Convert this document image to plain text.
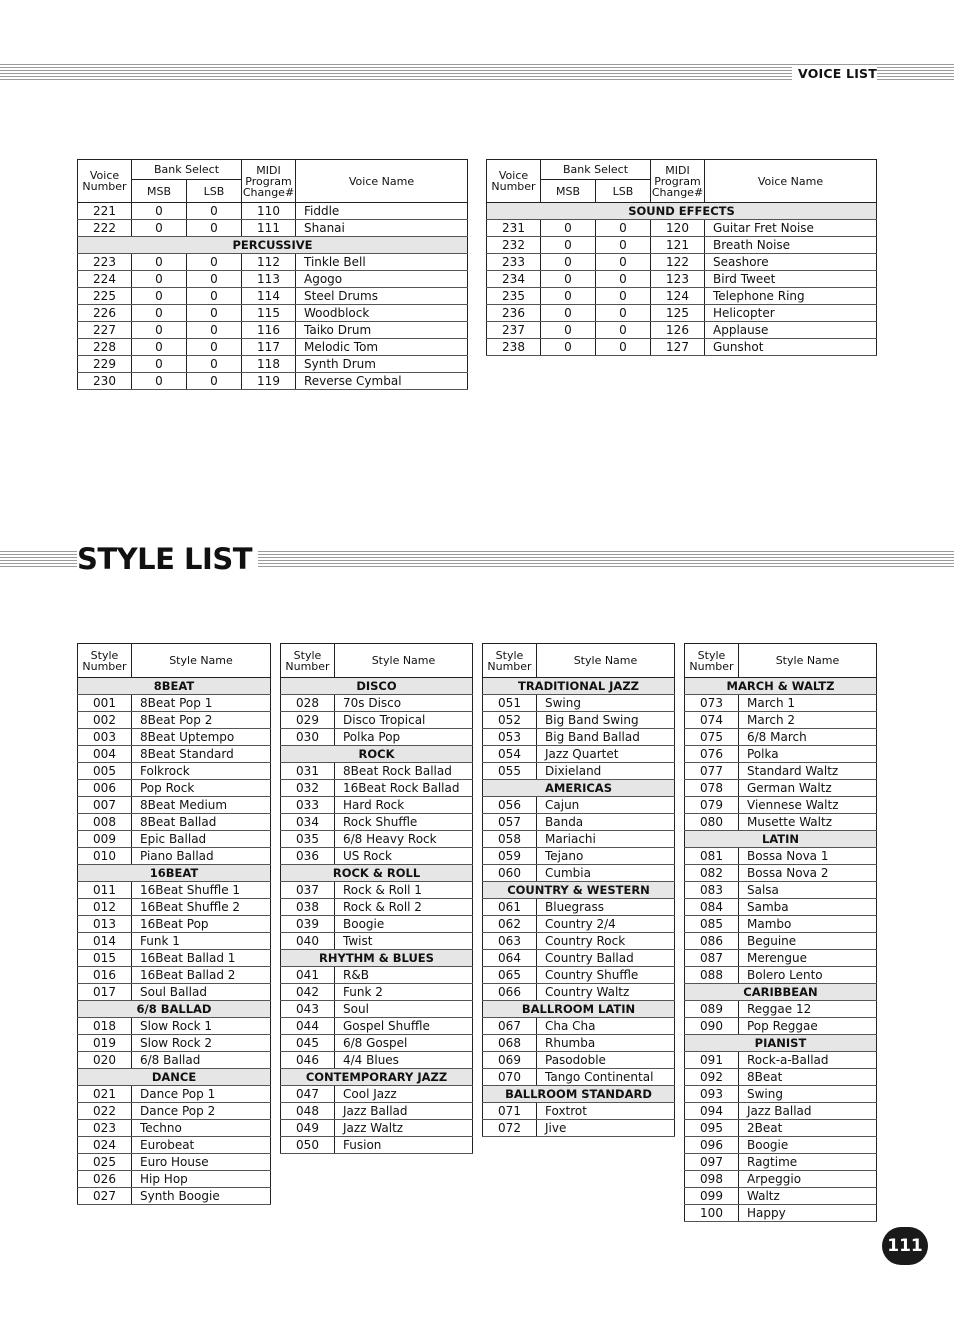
VOICE LIST
Voice Number	Bank Select		MIDI Program Change#	Voice Name
	MSB	LSB		
221	0	0	110	Fiddle
222	0	0	111	Shanai
PERCUSSIVE				
223	0	0	112	Tinkle Bell
224	0	0	113	Agogo
225	0	0	114	Steel Drums
226	0	0	115	Woodblock
227	0	0	116	Taiko Drum
228	0	0	117	Melodic Tom
229	0	0	118	Synth Drum
230	0	0	119	Reverse Cymbal
Voice Number	Bank Select		MIDI Program Change#	Voice Name
	MSB	LSB		
SOUND EFFECTS				
231	0	0	120	Guitar Fret Noise
232	0	0	121	Breath Noise
233	0	0	122	Seashore
234	0	0	123	Bird Tweet
235	0	0	124	Telephone Ring
236	0	0	125	Helicopter
237	0	0	126	Applause
238	0	0	127	Gunshot
STYLE LIST
Style Number	Style Name
8BEAT	
001	8Beat Pop 1
002	8Beat Pop 2
003	8Beat Uptempo
004	8Beat Standard
005	Folkrock
006	Pop Rock
007	8Beat Medium
008	8Beat Ballad
009	Epic Ballad
010	Piano Ballad
16BEAT	
011	16Beat Shuffle 1
012	16Beat Shuffle 2
013	16Beat Pop
014	Funk 1
015	16Beat Ballad 1
016	16Beat Ballad 2
017	Soul Ballad
6/8 BALLAD	
018	Slow Rock 1
019	Slow Rock 2
020	6/8 Ballad
DANCE	
021	Dance Pop 1
022	Dance Pop 2
023	Techno
024	Eurobeat
025	Euro House
026	Hip Hop
027	Synth Boogie
Style Number	Style Name
DISCO	
028	70s Disco
029	Disco Tropical
030	Polka Pop
ROCK	
031	8Beat Rock Ballad
032	16Beat Rock Ballad
033	Hard Rock
034	Rock Shuffle
035	6/8 Heavy Rock
036	US Rock
ROCK & ROLL	
037	Rock & Roll 1
038	Rock & Roll 2
039	Boogie
040	Twist
RHYTHM & BLUES	
041	R&B
042	Funk 2
043	Soul
044	Gospel Shuffle
045	6/8 Gospel
046	4/4 Blues
CONTEMPORARY JAZZ	
047	Cool Jazz
048	Jazz Ballad
049	Jazz Waltz
050	Fusion
Style Number	Style Name
TRADITIONAL JAZZ	
051	Swing
052	Big Band Swing
053	Big Band Ballad
054	Jazz Quartet
055	Dixieland
AMERICAS	
056	Cajun
057	Banda
058	Mariachi
059	Tejano
060	Cumbia
COUNTRY & WESTERN	
061	Bluegrass
062	Country 2/4
063	Country Rock
064	Country Ballad
065	Country Shuffle
066	Country Waltz
BALLROOM LATIN	
067	Cha Cha
068	Rhumba
069	Pasodoble
070	Tango Continental
BALLROOM STANDARD	
071	Foxtrot
072	Jive
Style Number	Style Name
MARCH & WALTZ	
073	March 1
074	March 2
075	6/8 March
076	Polka
077	Standard Waltz
078	German Waltz
079	Viennese Waltz
080	Musette Waltz
LATIN	
081	Bossa Nova 1
082	Bossa Nova 2
083	Salsa
084	Samba
085	Mambo
086	Beguine
087	Merengue
088	Bolero Lento
CARIBBEAN	
089	Reggae 12
090	Pop Reggae
PIANIST	
091	Rock-a-Ballad
092	8Beat
093	Swing
094	Jazz Ballad
095	2Beat
096	Boogie
097	Ragtime
098	Arpeggio
099	Waltz
100	Happy
111
